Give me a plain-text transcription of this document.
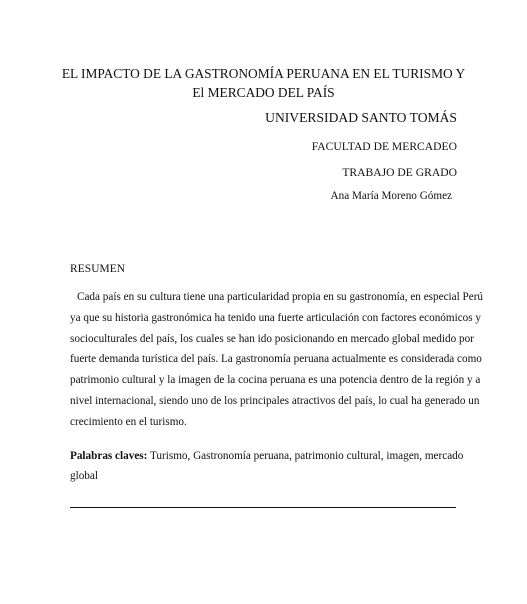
EL IMPACTO DE LA GASTRONOMÍA PERUANA EN EL TURISMO Y
El MERCADO DEL PAÍS
UNIVERSIDAD SANTO TOMÁS
FACULTAD DE MERCADEO
TRABAJO DE GRADO
Ana María Moreno Gómez
RESUMEN
Cada país en su cultura tiene una particularidad propia en su gastronomía, en especial Perú
ya que su historia gastronómica ha tenido una fuerte articulación con factores económicos y
socioculturales del país, los cuales se han ido posicionando en mercado global medido por
fuerte demanda turística del país. La gastronomía peruana actualmente es considerada como
patrimonio cultural y la imagen de la cocina peruana es una potencia dentro de la región y a
nivel internacional, siendo uno de los principales atractivos del país, lo cual ha generado un
crecimiento en el turismo.
Palabras claves: Turismo, Gastronomía peruana, patrimonio cultural, imagen, mercado
global
